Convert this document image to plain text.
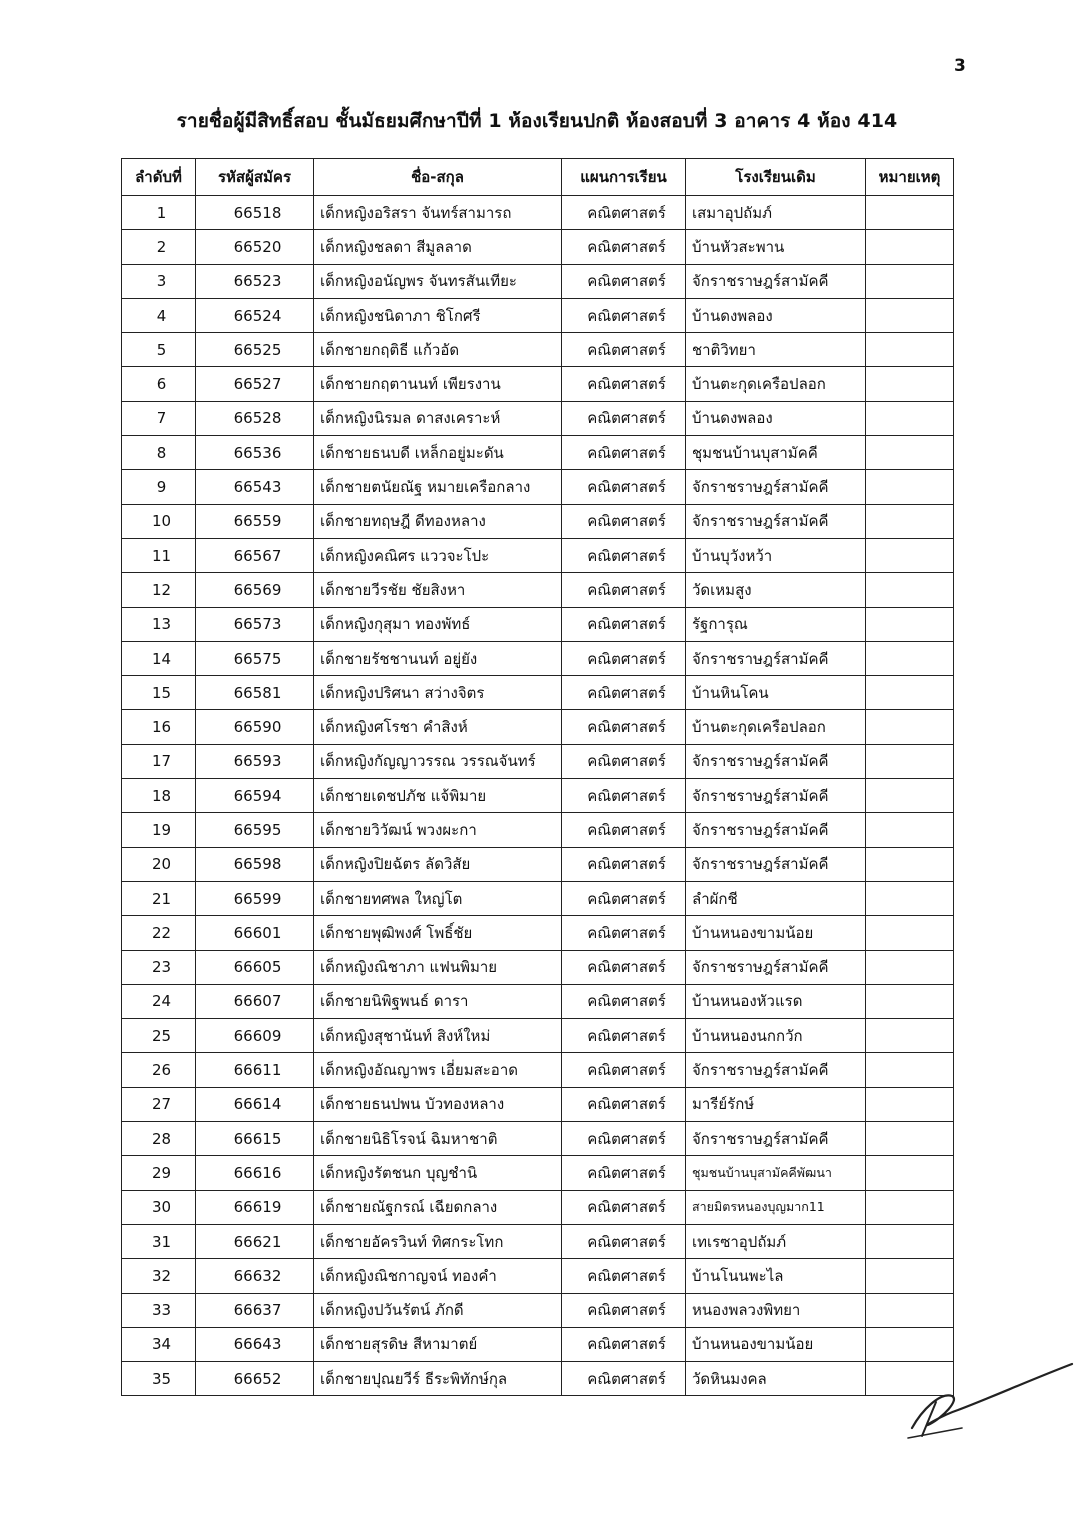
3
รายชื่อผู้มีสิทธิ์สอบ ชั้นมัธยมศึกษาปีที่ 1 ห้องเรียนปกติ ห้องสอบที่ 3 อาคาร 4 ห้อง 414
ลำดับที่	รหัสผู้สมัคร	ชื่อ-สกุล	แผนการเรียน	โรงเรียนเดิม	หมายเหตุ
1	66518	เด็กหญิงอริสรา จันทร์สามารถ	คณิตศาสตร์	เสมาอุปถัมภ์	
2	66520	เด็กหญิงชลดา สีมูลลาด	คณิตศาสตร์	บ้านหัวสะพาน	
3	66523	เด็กหญิงอนัญพร จันทรสันเทียะ	คณิตศาสตร์	จักราชราษฎร์สามัคคี	
4	66524	เด็กหญิงชนิดาภา ชิโกศรี	คณิตศาสตร์	บ้านดงพลอง	
5	66525	เด็กชายกฤติธี แก้วอัด	คณิตศาสตร์	ชาติวิทยา	
6	66527	เด็กชายกฤตานนท์ เพียรงาน	คณิตศาสตร์	บ้านตะกุดเครือปลอก	
7	66528	เด็กหญิงนิรมล ดาสงเคราะห์	คณิตศาสตร์	บ้านดงพลอง	
8	66536	เด็กชายธนบดี เหล็กอยู่มะดัน	คณิตศาสตร์	ชุมชนบ้านบุสามัคคี	
9	66543	เด็กชายตนัยณัฐ หมายเครือกลาง	คณิตศาสตร์	จักราชราษฎร์สามัคคี	
10	66559	เด็กชายทฤษฎี ดีทองหลาง	คณิตศาสตร์	จักราชราษฎร์สามัคคี	
11	66567	เด็กหญิงคณิศร แววจะโปะ	คณิตศาสตร์	บ้านบุวังหว้า	
12	66569	เด็กชายวีรชัย ชัยสิงหา	คณิตศาสตร์	วัดเหมสูง	
13	66573	เด็กหญิงกุสุมา ทองพัทธ์	คณิตศาสตร์	รัฐการุณ	
14	66575	เด็กชายรัชชานนท์ อยู่ยัง	คณิตศาสตร์	จักราชราษฎร์สามัคคี	
15	66581	เด็กหญิงปริศนา สว่างจิตร	คณิตศาสตร์	บ้านหินโคน	
16	66590	เด็กหญิงศโรชา คำสิงห์	คณิตศาสตร์	บ้านตะกุดเครือปลอก	
17	66593	เด็กหญิงกัญญาวรรณ วรรณจันทร์	คณิตศาสตร์	จักราชราษฎร์สามัคคี	
18	66594	เด็กชายเดชปภัช แจ้พิมาย	คณิตศาสตร์	จักราชราษฎร์สามัคคี	
19	66595	เด็กชายวิวัฒน์ พวงผะกา	คณิตศาสตร์	จักราชราษฎร์สามัคคี	
20	66598	เด็กหญิงปิยฉัตร ลัดวิสัย	คณิตศาสตร์	จักราชราษฎร์สามัคคี	
21	66599	เด็กชายทศพล ใหญ่โต	คณิตศาสตร์	ลำผักชี	
22	66601	เด็กชายพุฒิพงศ์ โพธิ์ชัย	คณิตศาสตร์	บ้านหนองขามน้อย	
23	66605	เด็กหญิงณิชาภา แฟนพิมาย	คณิตศาสตร์	จักราชราษฎร์สามัคคี	
24	66607	เด็กชายนิพิฐพนธ์ ดารา	คณิตศาสตร์	บ้านหนองหัวแรด	
25	66609	เด็กหญิงสุชานันท์ สิงห์ใหม่	คณิตศาสตร์	บ้านหนองนกกวัก	
26	66611	เด็กหญิงอัณญาพร เอี่ยมสะอาด	คณิตศาสตร์	จักราชราษฎร์สามัคคี	
27	66614	เด็กชายธนปพน บัวทองหลาง	คณิตศาสตร์	มารีย์รักษ์	
28	66615	เด็กชายนิธิโรจน์ ฉิมหาชาติ	คณิตศาสตร์	จักราชราษฎร์สามัคคี	
29	66616	เด็กหญิงรัตชนก บุญชำนิ	คณิตศาสตร์	ชุมชนบ้านบุสามัคคีพัฒนา	
30	66619	เด็กชายณัฐกรณ์ เฉียดกลาง	คณิตศาสตร์	สายมิตรหนองบุญมาก11	
31	66621	เด็กชายอัครวินท์ ทิศกระโทก	คณิตศาสตร์	เทเรซาอุปถัมภ์	
32	66632	เด็กหญิงณิชกาญจน์ ทองคำ	คณิตศาสตร์	บ้านโนนพะไล	
33	66637	เด็กหญิงปวันรัตน์ ภักดี	คณิตศาสตร์	หนองพลวงพิทยา	
34	66643	เด็กชายสุรดิษ สีหามาตย์	คณิตศาสตร์	บ้านหนองขามน้อย	
35	66652	เด็กชายปุณยวีร์ ธีระพิทักษ์กุล	คณิตศาสตร์	วัดหินมงคล	
